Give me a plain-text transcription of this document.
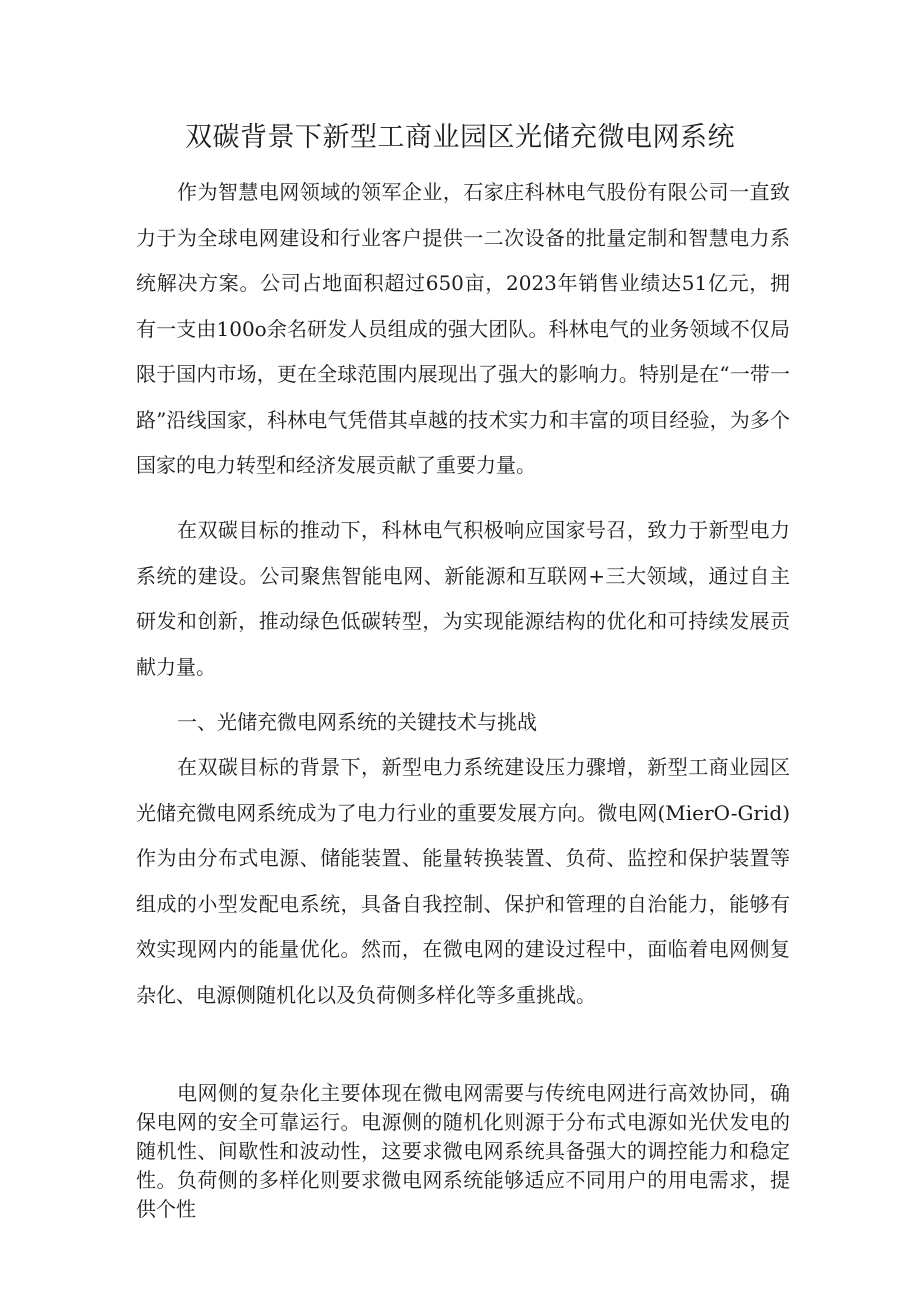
双碳背景下新型工商业园区光储充微电网系统

作为智慧电网领域的领军企业，石家庄科林电气股份有限公司一直致力于为全球电网建设和行业客户提供一二次设备的批量定制和智慧电力系统解决方案。公司占地面积超过650亩，2023年销售业绩达51亿元，拥有一支由100o余名研发人员组成的强大团队。科林电气的业务领域不仅局限于国内市场，更在全球范围内展现出了强大的影响力。特别是在“一带一路”沿线国家，科林电气凭借其卓越的技术实力和丰富的项目经验，为多个国家的电力转型和经济发展贡献了重要力量。

在双碳目标的推动下，科林电气积极响应国家号召，致力于新型电力系统的建设。公司聚焦智能电网、新能源和互联网+三大领域，通过自主研发和创新，推动绿色低碳转型，为实现能源结构的优化和可持续发展贡献力量。

一、光储充微电网系统的关键技术与挑战

在双碳目标的背景下，新型电力系统建设压力骤增，新型工商业园区光储充微电网系统成为了电力行业的重要发展方向。微电网(MierO-Grid)作为由分布式电源、储能装置、能量转换装置、负荷、监控和保护装置等组成的小型发配电系统，具备自我控制、保护和管理的自治能力，能够有效实现网内的能量优化。然而，在微电网的建设过程中，面临着电网侧复杂化、电源侧随机化以及负荷侧多样化等多重挑战。

电网侧的复杂化主要体现在微电网需要与传统电网进行高效协同，确保电网的安全可靠运行。电源侧的随机化则源于分布式电源如光伏发电的随机性、间歇性和波动性，这要求微电网系统具备强大的调控能力和稳定性。负荷侧的多样化则要求微电网系统能够适应不同用户的用电需求，提供个性
